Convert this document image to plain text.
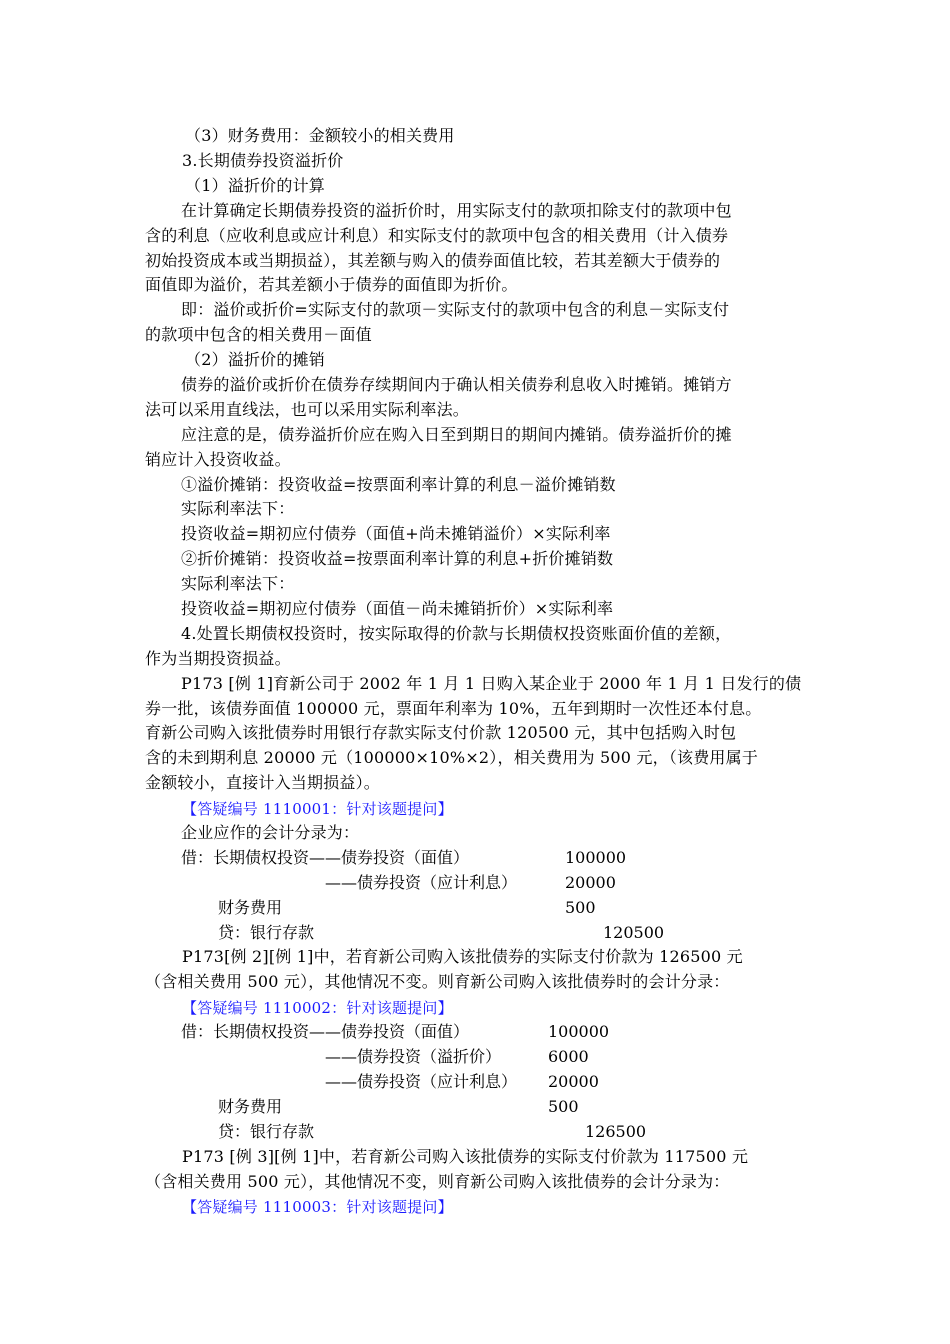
（3）财务费用：金额较小的相关费用
3.长期债券投资溢折价
（1）溢折价的计算
在计算确定长期债券投资的溢折价时，用实际支付的款项扣除支付的款项中包
含的利息（应收利息或应计利息）和实际支付的款项中包含的相关费用（计入债券
初始投资成本或当期损益），其差额与购入的债券面值比较，若其差额大于债券的
面值即为溢价，若其差额小于债券的面值即为折价。
即：溢价或折价=实际支付的款项－实际支付的款项中包含的利息－实际支付
的款项中包含的相关费用－面值
（2）溢折价的摊销
债券的溢价或折价在债券存续期间内于确认相关债券利息收入时摊销。摊销方
法可以采用直线法，也可以采用实际利率法。
应注意的是，债券溢折价应在购入日至到期日的期间内摊销。债券溢折价的摊
销应计入投资收益。
①溢价摊销：投资收益=按票面利率计算的利息－溢价摊销数
实际利率法下：
投资收益=期初应付债券（面值+尚未摊销溢价）×实际利率
②折价摊销：投资收益=按票面利率计算的利息+折价摊销数
实际利率法下：
投资收益=期初应付债券（面值－尚未摊销折价）×实际利率
4.处置长期债权投资时，按实际取得的价款与长期债权投资账面价值的差额，
作为当期投资损益。
P173 [例 1]育新公司于 2002 年 1 月 1 日购入某企业于 2000 年 1 月 1 日发行的债
券一批，该债券面值 100000 元，票面年利率为 10%，五年到期时一次性还本付息。
育新公司购入该批债券时用银行存款实际支付价款 120500 元，其中包括购入时包
含的未到期利息 20000 元（100000×10%×2），相关费用为 500 元，（该费用属于
金额较小，直接计入当期损益）。
【答疑编号 1110001：针对该题提问】
企业应作的会计分录为：
借：长期债权投资——债券投资（面值）	100000
——债券投资（应计利息）	20000
财务费用	500
贷：银行存款	120500
P173[例 2][例 1]中，若育新公司购入该批债券的实际支付价款为 126500 元
（含相关费用 500 元），其他情况不变。则育新公司购入该批债券时的会计分录：
【答疑编号 1110002：针对该题提问】
借：长期债权投资——债券投资（面值）	100000
——债券投资（溢折价）	6000
——债券投资（应计利息） 20000
财务费用	500
贷：银行存款	126500
P173 [例 3][例 1]中，若育新公司购入该批债券的实际支付价款为 117500 元
（含相关费用 500 元），其他情况不变，则育新公司购入该批债券的会计分录为：
【答疑编号 1110003：针对该题提问】
